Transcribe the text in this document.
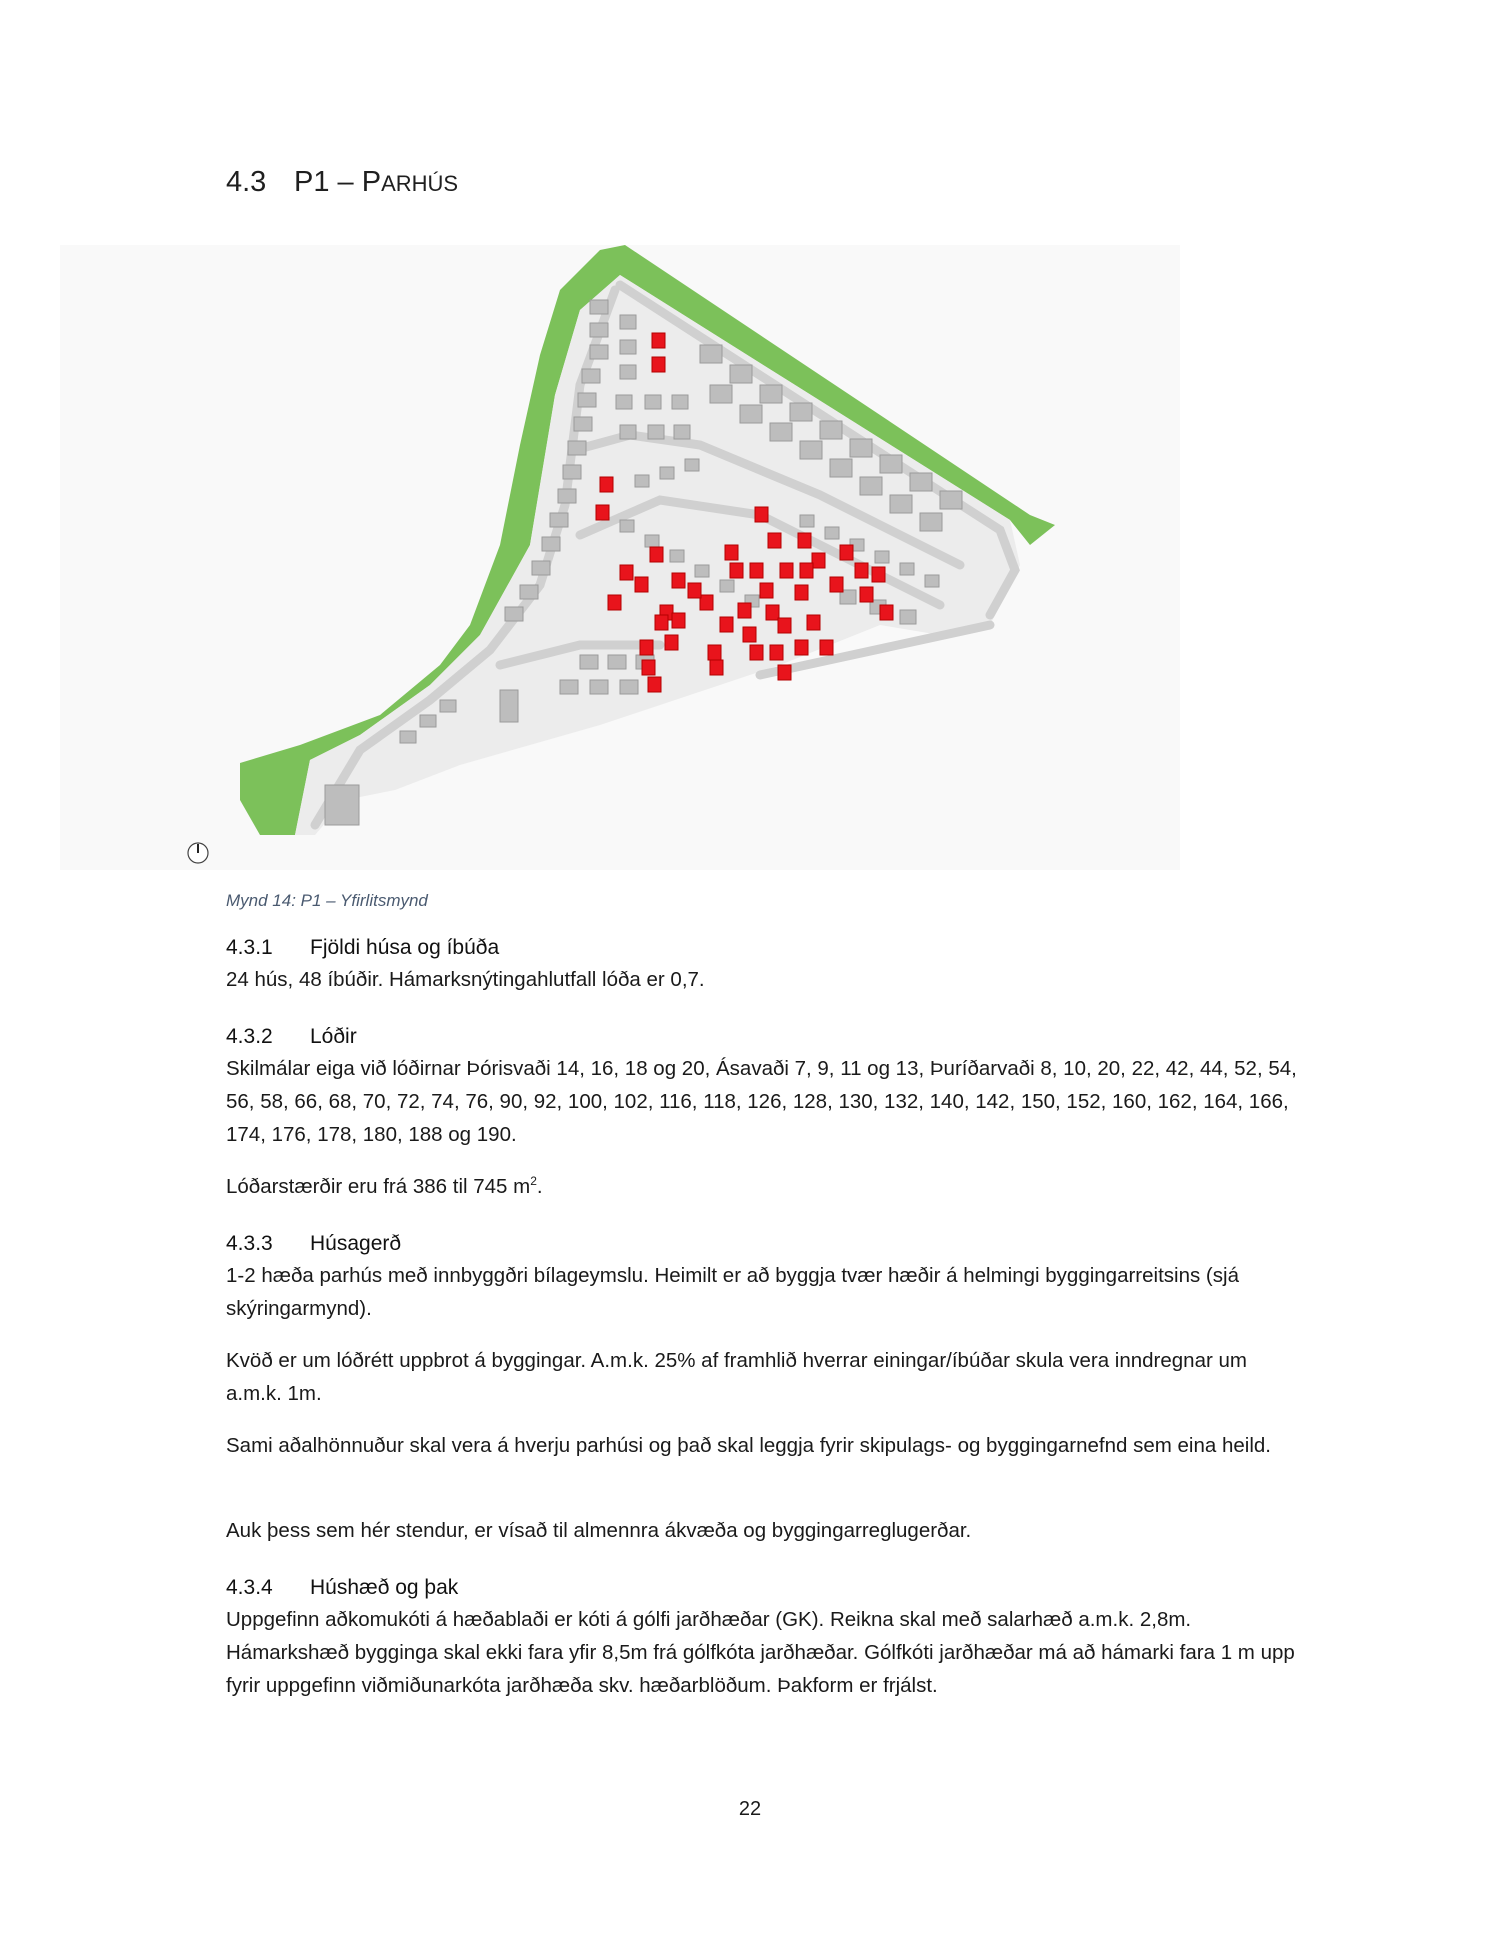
4.3 P1 – PARHÚS
Mynd 14: P1 – Yfirlitsmynd
4.3.1 Fjöldi húsa og íbúða
24 hús, 48 íbúðir. Hámarksnýtingahlutfall lóða er 0,7.
4.3.2 Lóðir
Skilmálar eiga við lóðirnar Þórisvaði 14, 16, 18 og 20, Ásavaði 7, 9, 11 og 13, Þuríðarvaði 8, 10, 20, 22, 42, 44, 52, 54, 56, 58, 66, 68, 70, 72, 74, 76, 90, 92, 100, 102, 116, 118, 126, 128, 130, 132, 140, 142, 150, 152, 160, 162, 164, 166, 174, 176, 178, 180, 188 og 190.
Lóðarstærðir eru frá 386 til 745 $m^2$.
4.3.3 Húsagerð
1-2 hæða parhús með innbyggðri bílageymslu. Heimilt er að byggja tvær hæðir á helmingi byggingarreitsins (sjá skýringarmynd).
Kvöð er um lóðrétt uppbrot á byggingar. A.m.k. 25% af framhlið hverrar einingar/íbúðar skula vera inndregnar um a.m.k. 1m.
Sami aðalhönnuður skal vera á hverju parhúsi og það skal leggja fyrir skipulags- og byggingarnefnd sem eina heild.
Auk þess sem hér stendur, er vísað til almennra ákvæða og byggingarreglugerðar.
4.3.4 Húshæð og þak
Uppgefinn aðkomukóti á hæðablaði er kóti á gólfi jarðhæðar (GK). Reikna skal með salarhæð a.m.k. 2,8m. Hámarkshæð bygginga skal ekki fara yfir 8,5m frá gólfkóta jarðhæðar. Gólfkóti jarðhæðar má að hámarki fara 1 m upp fyrir uppgefinn viðmiðunarkóta jarðhæða skv. hæðarblöðum. Þakform er frjálst.
22
